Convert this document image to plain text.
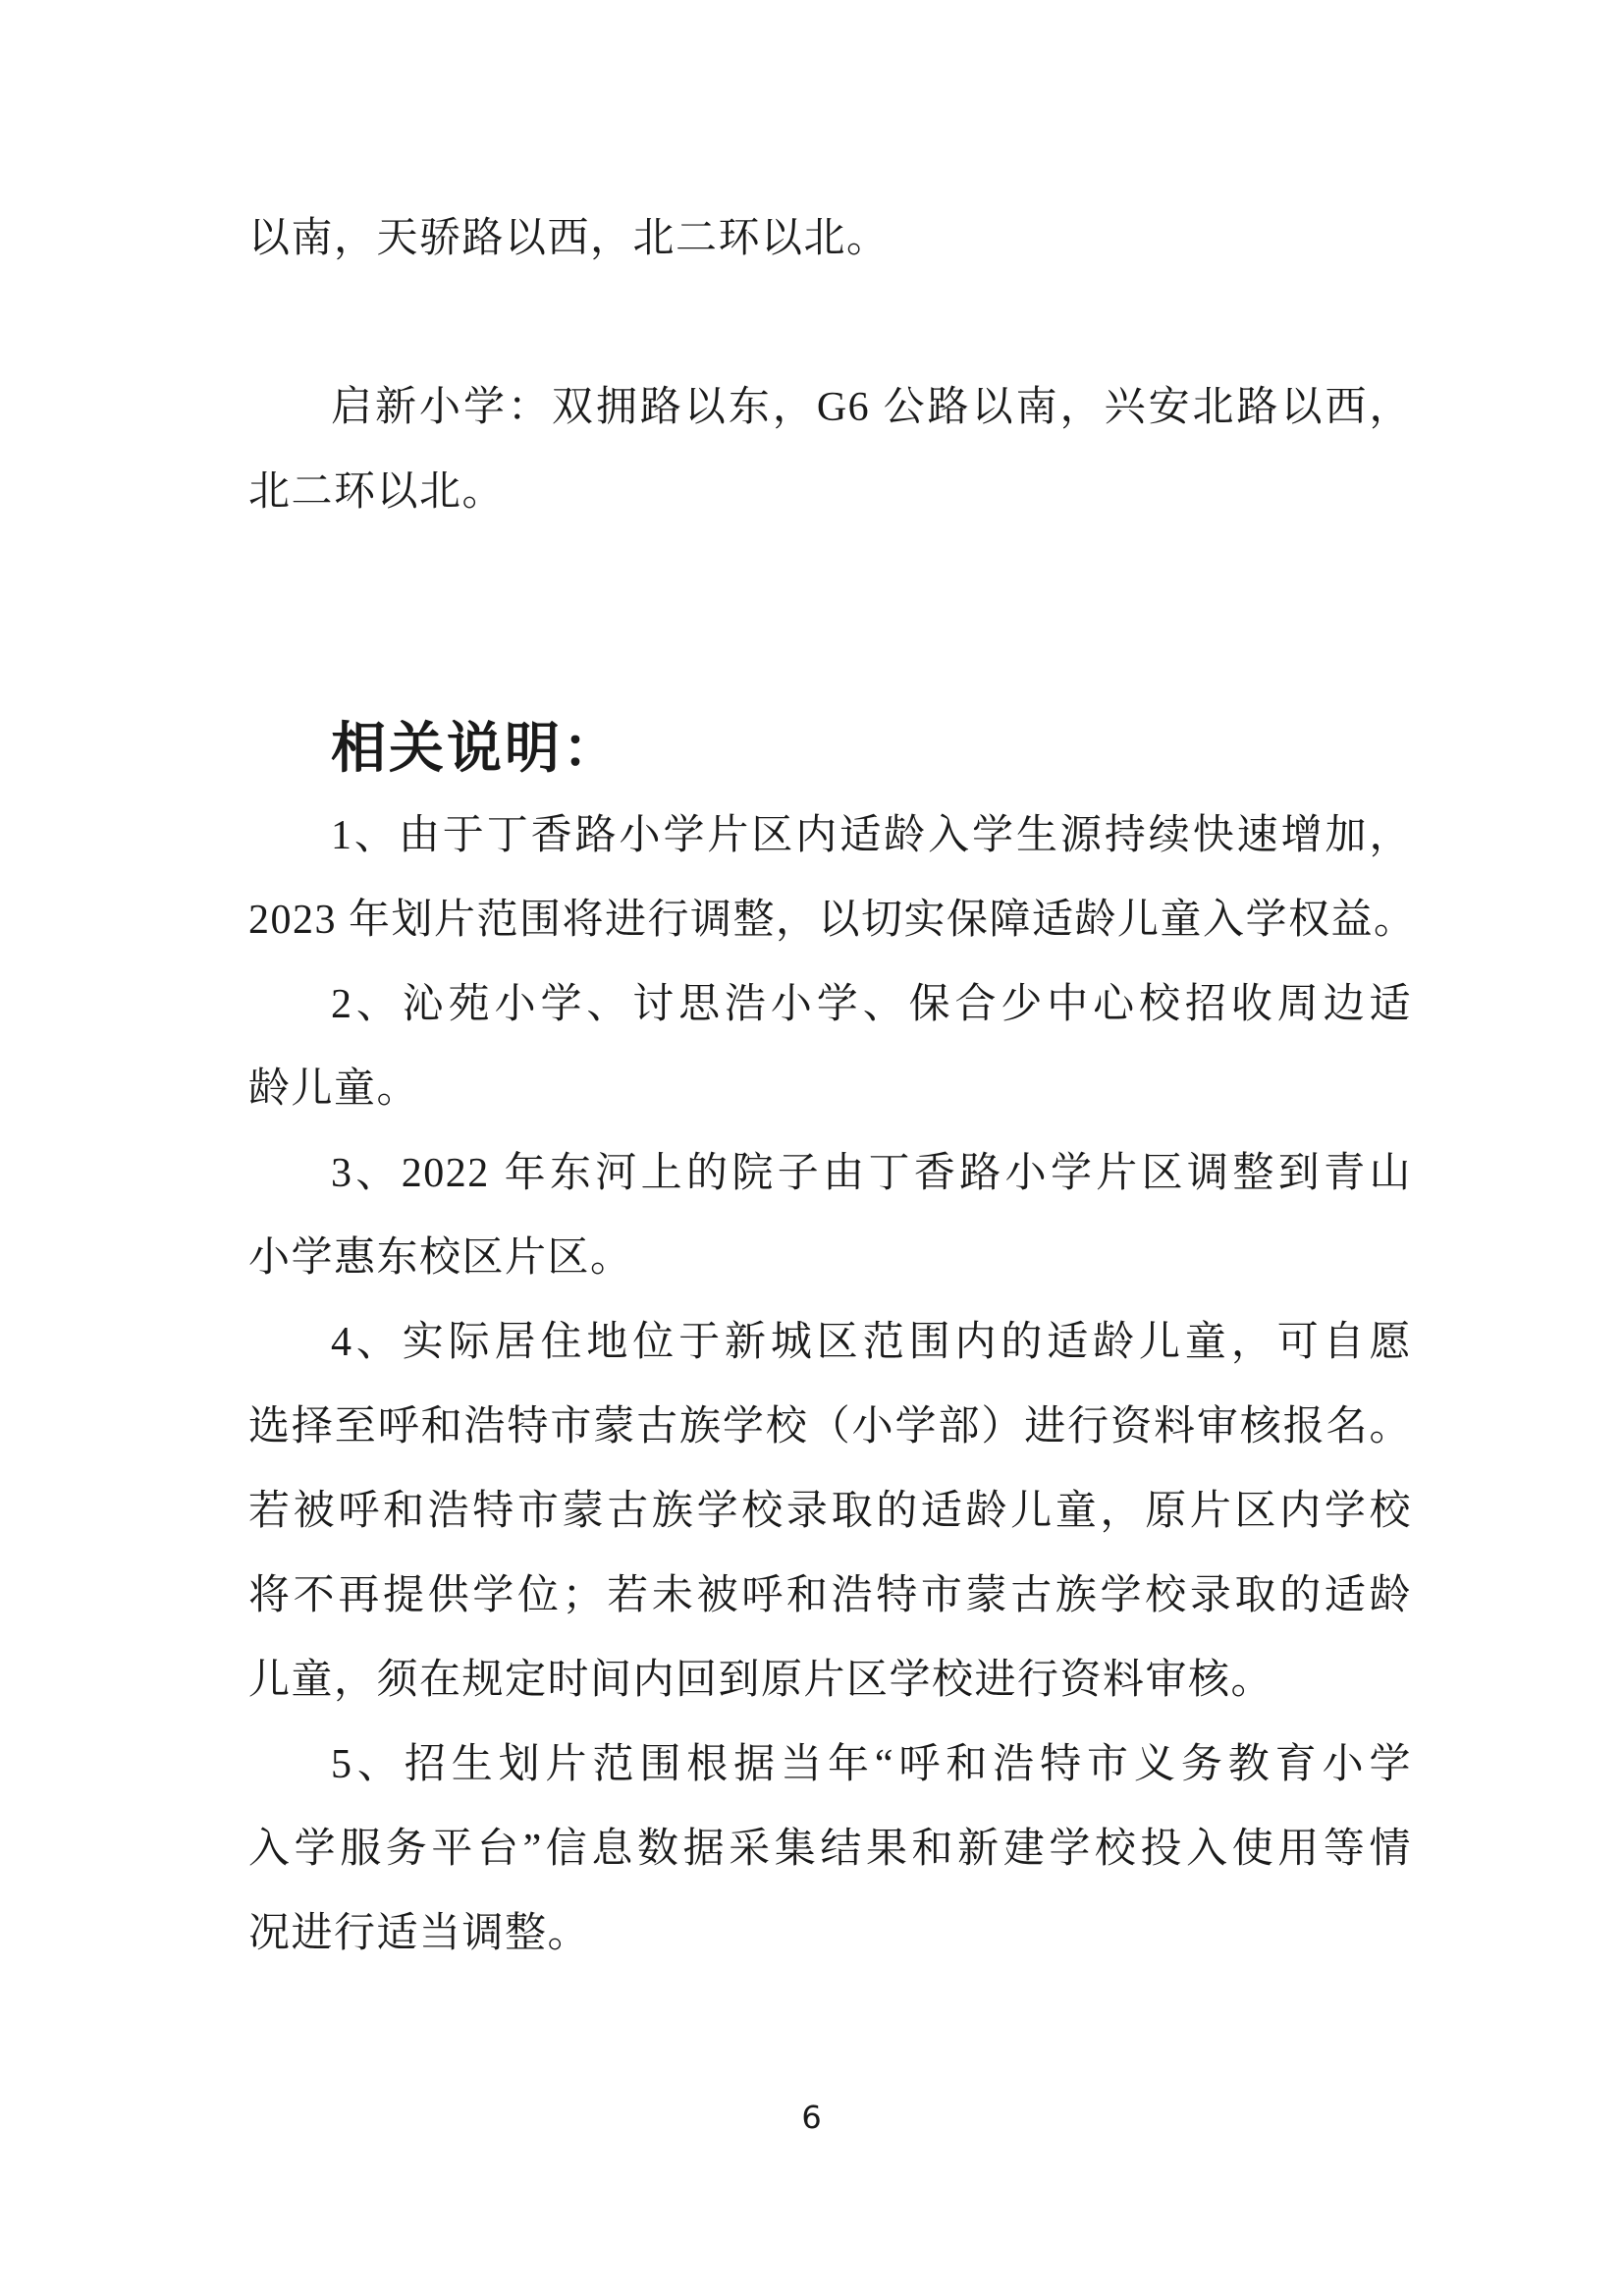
以南，天骄路以西，北二环以北。
启新小学：双拥路以东，G6 公路以南，兴安北路以西，
北二环以北。
相关说明：
1、由于丁香路小学片区内适龄入学生源持续快速增加，
2023 年划片范围将进行调整，以切实保障适龄儿童入学权益。
2、沁苑小学、讨思浩小学、保合少中心校招收周边适
龄儿童。
3、2022 年东河上的院子由丁香路小学片区调整到青山
小学惠东校区片区。
4、实际居住地位于新城区范围内的适龄儿童，可自愿
选择至呼和浩特市蒙古族学校（小学部）进行资料审核报名。
若被呼和浩特市蒙古族学校录取的适龄儿童，原片区内学校
将不再提供学位；若未被呼和浩特市蒙古族学校录取的适龄
儿童，须在规定时间内回到原片区学校进行资料审核。
5、招生划片范围根据当年“呼和浩特市义务教育小学
入学服务平台”信息数据采集结果和新建学校投入使用等情
况进行适当调整。
6
